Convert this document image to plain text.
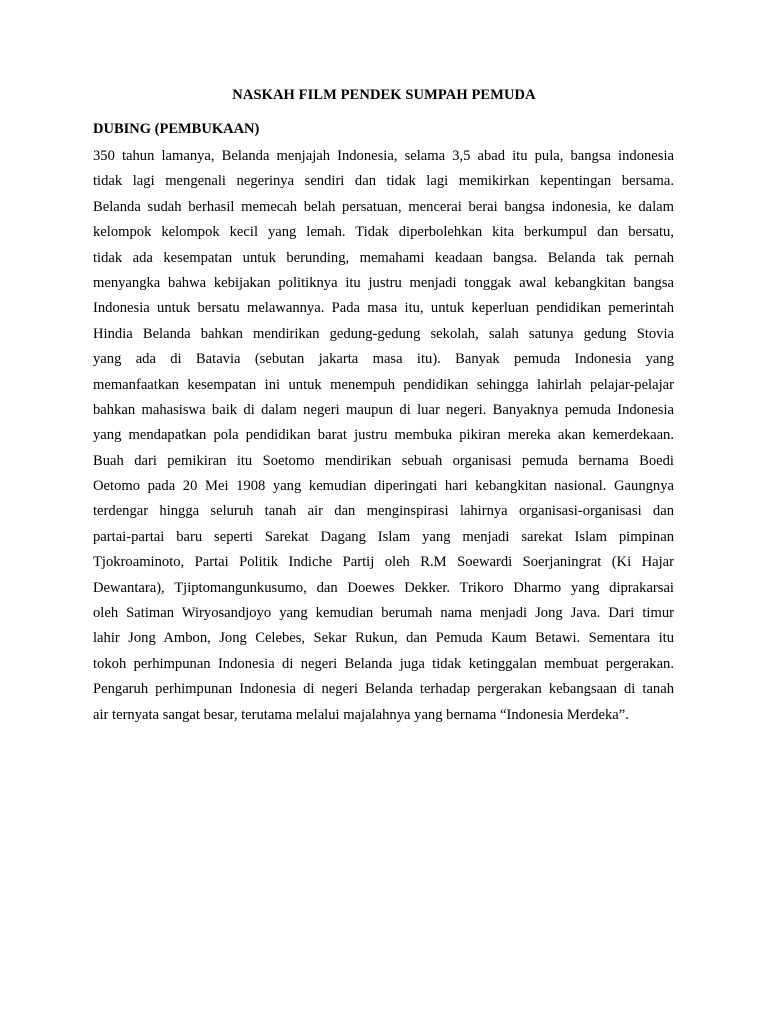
NASKAH FILM PENDEK SUMPAH PEMUDA
DUBING (PEMBUKAAN)
350 tahun lamanya, Belanda menjajah Indonesia, selama 3,5 abad itu pula, bangsa indonesia
tidak lagi mengenali negerinya sendiri dan tidak lagi memikirkan kepentingan bersama.
Belanda sudah berhasil memecah belah persatuan, mencerai berai bangsa indonesia, ke dalam
kelompok kelompok kecil yang lemah. Tidak diperbolehkan kita berkumpul dan bersatu,
tidak ada kesempatan untuk berunding, memahami keadaan bangsa. Belanda tak pernah
menyangka bahwa kebijakan politiknya itu justru menjadi tonggak awal kebangkitan bangsa
Indonesia untuk bersatu melawannya. Pada masa itu, untuk keperluan pendidikan pemerintah
Hindia Belanda bahkan mendirikan gedung-gedung sekolah, salah satunya gedung Stovia
yang ada di Batavia (sebutan jakarta masa itu). Banyak pemuda Indonesia yang
memanfaatkan kesempatan ini untuk menempuh pendidikan sehingga lahirlah pelajar-pelajar
bahkan mahasiswa baik di dalam negeri maupun di luar negeri. Banyaknya pemuda Indonesia
yang mendapatkan pola pendidikan barat justru membuka pikiran mereka akan kemerdekaan.
Buah dari pemikiran itu Soetomo mendirikan sebuah organisasi pemuda bernama Boedi
Oetomo pada 20 Mei 1908 yang kemudian diperingati hari kebangkitan nasional. Gaungnya
terdengar hingga seluruh tanah air dan menginspirasi lahirnya organisasi-organisasi dan
partai-partai baru seperti Sarekat Dagang Islam yang menjadi sarekat Islam pimpinan
Tjokroaminoto, Partai Politik Indiche Partij oleh R.M Soewardi Soerjaningrat (Ki Hajar
Dewantara), Tjiptomangunkusumo, dan Doewes Dekker. Trikoro Dharmo yang diprakarsai
oleh Satiman Wiryosandjoyo yang kemudian berumah nama menjadi Jong Java. Dari timur
lahir Jong Ambon, Jong Celebes, Sekar Rukun, dan Pemuda Kaum Betawi. Sementara itu
tokoh perhimpunan Indonesia di negeri Belanda juga tidak ketinggalan membuat pergerakan.
Pengaruh perhimpunan Indonesia di negeri Belanda terhadap pergerakan kebangsaan di tanah
air ternyata sangat besar, terutama melalui majalahnya yang bernama “Indonesia Merdeka”.
